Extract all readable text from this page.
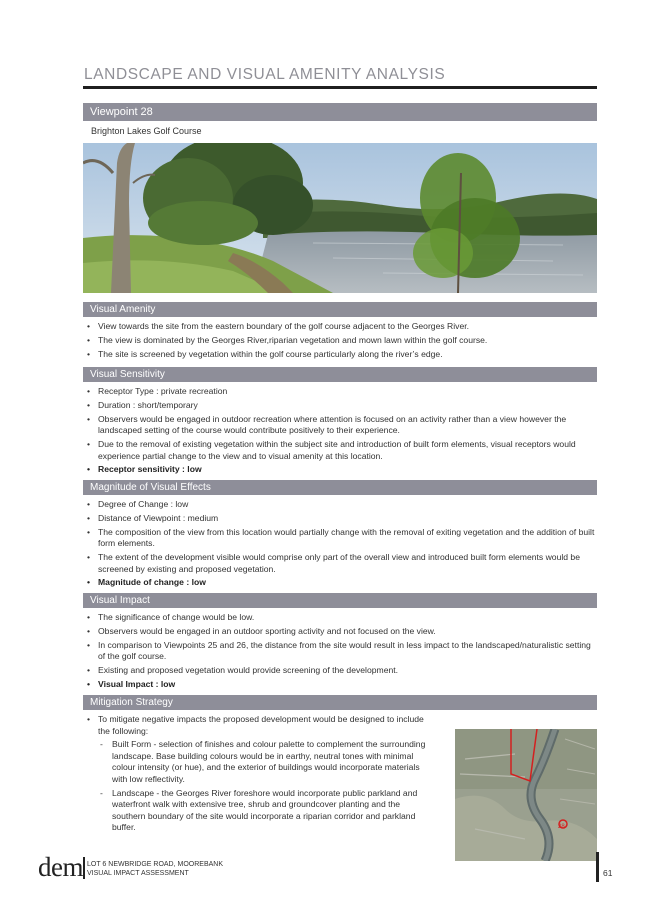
LANDSCAPE AND VISUAL AMENITY ANALYSIS
Viewpoint 28
Brighton Lakes Golf Course
Visual Amenity
• View towards the site from the eastern boundary of the golf course adjacent to the Georges River.
• The view is dominated by the Georges River,riparian vegetation and mown lawn within the golf course.
• The site is screened by vegetation within the golf course particularly along the river’s edge.
Visual Sensitivity
• Receptor Type : private recreation
• Duration : short/temporary
• Observers would be engaged in outdoor recreation where attention is focused on an activity rather than a view however the landscaped setting of the course would contribute positively to their experience.
• Due to the removal of existing vegetation within the subject site and introduction of built form elements, visual receptors would experience partial change to the view and to visual amenity at this location.
• Receptor sensitivity : low
Magnitude of Visual Effects
• Degree of Change : low
• Distance of Viewpoint : medium
• The composition of the view from this location would partially change with the removal of exiting vegetation and the addition of built form elements.
• The extent of the development visible would comprise only part of the overall view and introduced built form elements would be screened by existing and proposed vegetation.
• Magnitude of change : low
Visual Impact
• The significance of change would be low.
• Observers would be engaged in an outdoor sporting activity and not focused on the view.
• In comparison to Viewpoints 25 and 26, the distance from the site would result in less impact to the landscaped/naturalistic setting of the golf course.
• Existing and proposed vegetation would provide screening of the development.
• Visual Impact : low
Mitigation Strategy
• To mitigate negative impacts the proposed development would be designed to include the following:
- Built Form - selection of finishes and colour palette to complement the surrounding landscape. Base building colours would be in earthy, neutral tones with minimal colour intensity (or hue), and the exterior of buildings would incorporate materials with low reflectivity.
- Landscape - the Georges River foreshore would incorporate public parkland and waterfront walk with extensive tree, shrub and groundcover planting and the southern boundary of the site would incorporate a riparian corridor and parkland buffer.	28
dem LOT 6 NEWBRIDGE ROAD, MOOREBANK
VISUAL IMPACT ASSESSMENT	61
